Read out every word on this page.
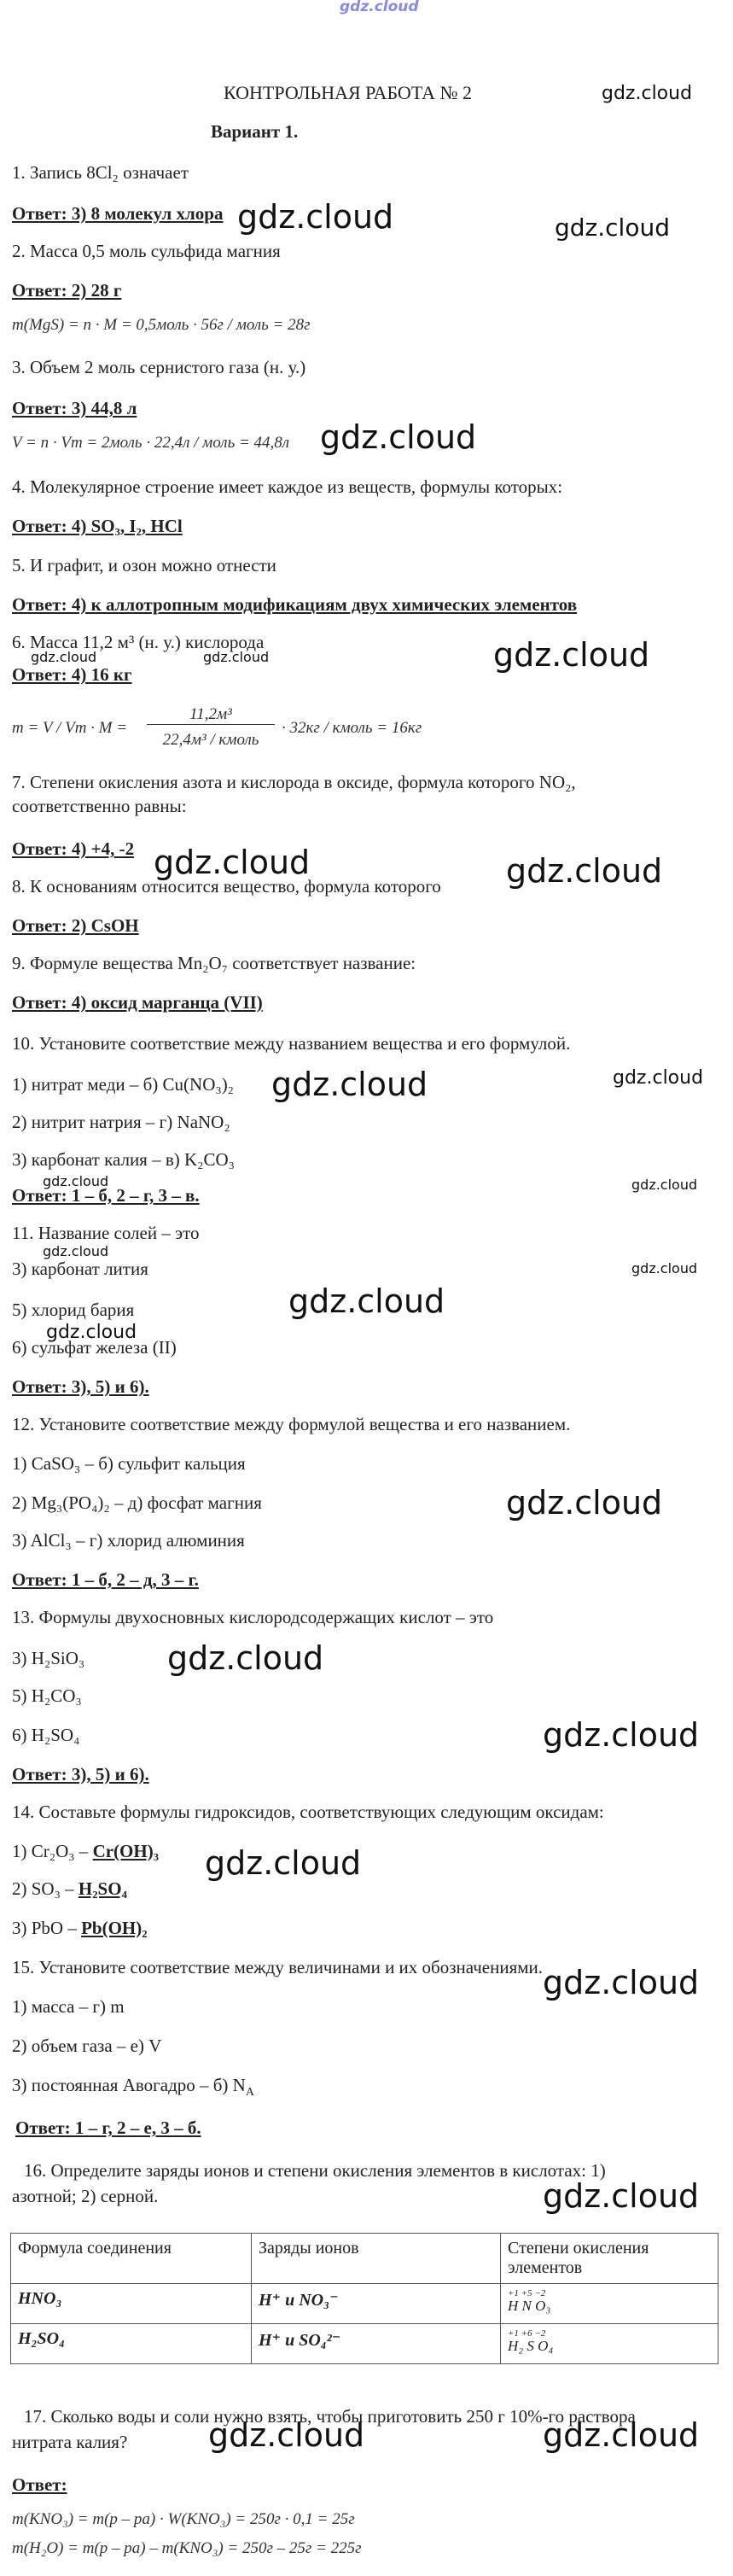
gdz.cloud
КОНТРОЛЬНАЯ РАБОТА № 2	gdz.cloud
Вариант 1.
1. Запись 8Cl₂ означает
Ответ: 3) 8 молекул хлора gdz.cloud	gdz.cloud
2. Масса 0,5 моль сульфида магния
Ответ: 2) 28 г
m(MgS) = n · M = 0,5моль · 56г / моль = 28г
3. Объем 2 моль сернистого газа (н. у.)
Ответ: 3) 44,8 л
V = n · Vm = 2моль · 22,4л / моль = 44,8л gdz.cloud
4. Молекулярное строение имеет каждое из веществ, формулы которых:
Ответ: 4) SO₃, I₂, HCl
5. И графит, и озон можно отнести
Ответ: 4) к аллотропным модификациям двух химических элементов
6. Масса 11,2 м³ (н. у.) кислорода
gdz.cloud	gdz.cloud
Ответ: 4) 16 кг
gdz.cloud
m = V / Vm · M =
11,2м³
22,4м³ / кмоль
· 32кг / кмоль = 16кг
7. Степени окисления азота и кислорода в оксиде, формула которого NO₂,
соответственно равны:
Ответ: 4) +4, -2 gdz.cloud	gdz.cloud
8. К основаниям относится вещество, формула которого
Ответ: 2) CsOH
9. Формуле вещества Mn₂O₇ соответствует название:
Ответ: 4) оксид марганца (VII)
10. Установите соответствие между названием вещества и его формулой.
1) нитрат меди – б) Cu(NO₃)₂ gdz.cloud	gdz.cloud
2) нитрит натрия – г) NaNO₂
3) карбонат калия – в) K₂CO₃
gdz.cloud	gdz.cloud
Ответ: 1 – б, 2 – г, 3 – в.
11. Название солей – это
gdz.cloud
3) карбонат лития	gdz.cloud
gdz.cloud
5) хлорид бария
gdz.cloud
6) сульфат железа (II)
Ответ: 3), 5) и 6).
12. Установите соответствие между формулой вещества и его названием.
1) CaSO₃ – б) сульфит кальция
2) Mg₃(PO₄)₂ – д) фосфат магния	gdz.cloud
3) AlCl₃ – г) хлорид алюминия
Ответ: 1 – б, 2 – д, 3 – г.
13. Формулы двухосновных кислородсодержащих кислот – это
3) H₂SiO₃	gdz.cloud
5) H₂CO₃
6) H₂SO₄	gdz.cloud
Ответ: 3), 5) и 6).
14. Составьте формулы гидроксидов, соответствующих следующим оксидам:
1) Cr₂O₃ – Cr(OH)₃ gdz.cloud
2) SO₃ – H₂SO₄
3) PbO – Pb(OH)₂
15. Установите соответствие между величинами и их обозначениями. gdz.cloud
1) масса – г) m
2) объем газа – е) V
3) постоянная Авогадро – б) $N_A$
Ответ: 1 – г, 2 – е, 3 – б.
16. Определите заряды ионов и степени окисления элементов в кислотах: 1)
азотной; 2) серной.	gdz.cloud
Формула соединения	Заряды ионов	Степени окисления элементов
HNO₃	H⁺ и NO₃⁻	+1 +5 −2
H N O₃

H₂SO₄	H⁺ и SO₄²⁻	+1 +6 −2
H₂ S O₄
17. Сколько воды и соли нужно взять, чтобы приготовить 250 г 10%-го раствора
нитрата калия? gdz.cloud	gdz.cloud
Ответ:
m(KNO₃) = m(р – ра) · W(KNO₃) = 250г · 0,1 = 25г
m(H₂O) = m(р – ра) – m(KNO₃) = 250г – 25г = 225г
